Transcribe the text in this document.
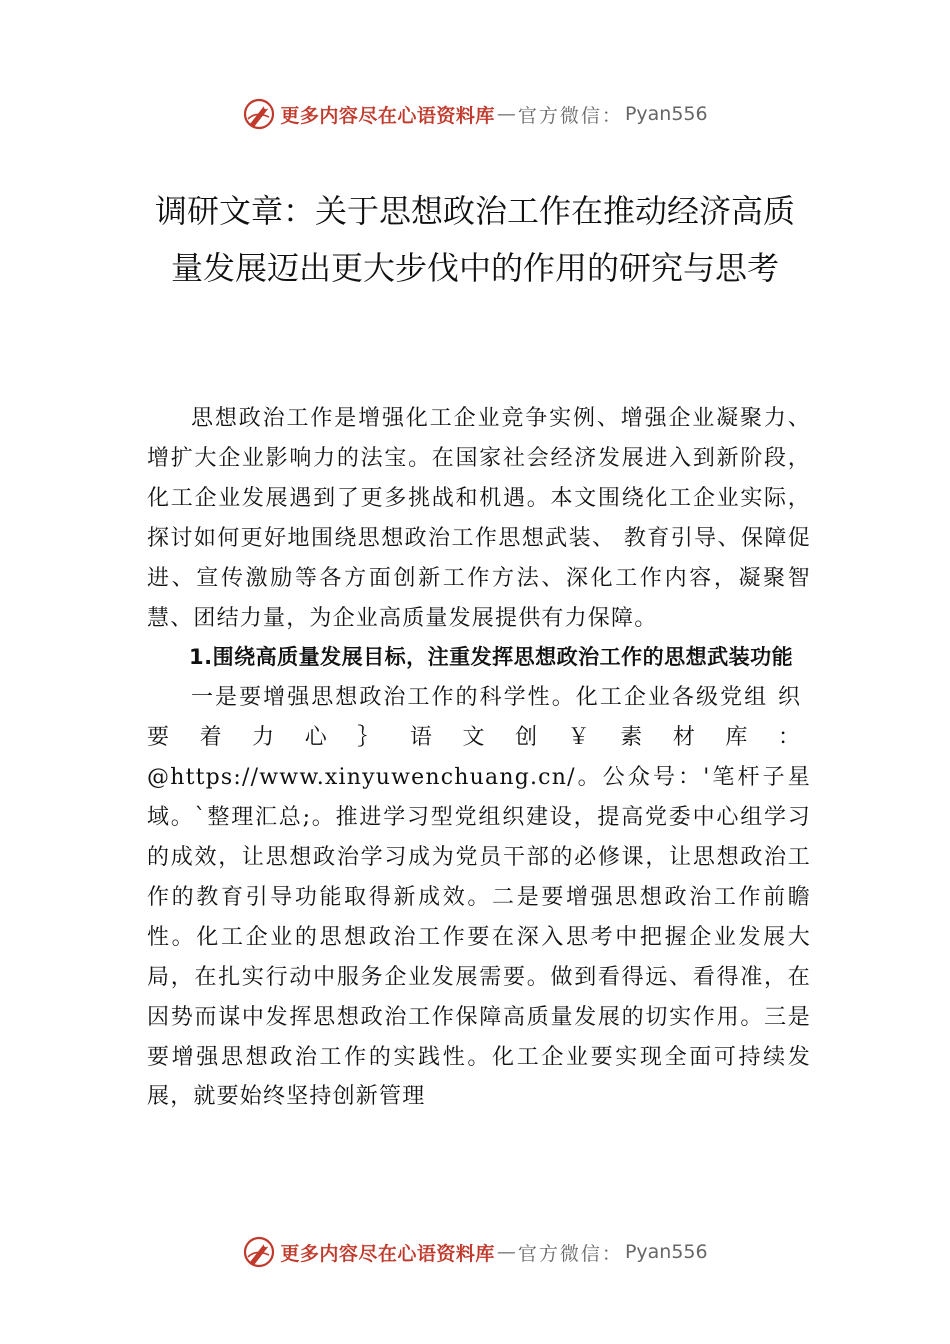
更多内容尽在心语资料库 — 官方微信： Pyan556
调研文章：关于思想政治工作在推动经济高质量发展迈出更大步伐中的作用的研究与思考

思想政治工作是增强化工企业竞争实例、增强企业凝聚力、增扩大企业影响力的法宝。在国家社会经济发展进入到新阶段，化工企业发展遇到了更多挑战和机遇。本文围绕化工企业实际，探讨如何更好地围绕思想政治工作思想武装、 教育引导、保障促进、宣传激励等各方面创新工作方法、深化工作内容，凝聚智慧、团结力量，为企业高质量发展提供有力保障。

1.围绕高质量发展目标，注重发挥思想政治工作的思想武装功能

一是要增强思想政治工作的科学性。化工企业各级党组织要着力心｝语文创￥素材库：@https://www.xinyuwenchuang.cn/。公众号：'笔杆子星域。`整理汇总;。推进学习型党组织建设，提高党委中心组学习的成效，让思想政治学习成为党员干部的必修课，让思想政治工作的教育引导功能取得新成效。二是要增强思想政治工作前瞻性。化工企业的思想政治工作要在深入思考中把握企业发展大局，在扎实行动中服务企业发展需要。做到看得远、看得准，在因势而谋中发挥思想政治工作保障高质量发展的切实作用。三是要增强思想政治工作的实践性。化工企业要实现全面可持续发展，就要始终坚持创新管理

更多内容尽在心语资料库 — 官方微信： Pyan556
